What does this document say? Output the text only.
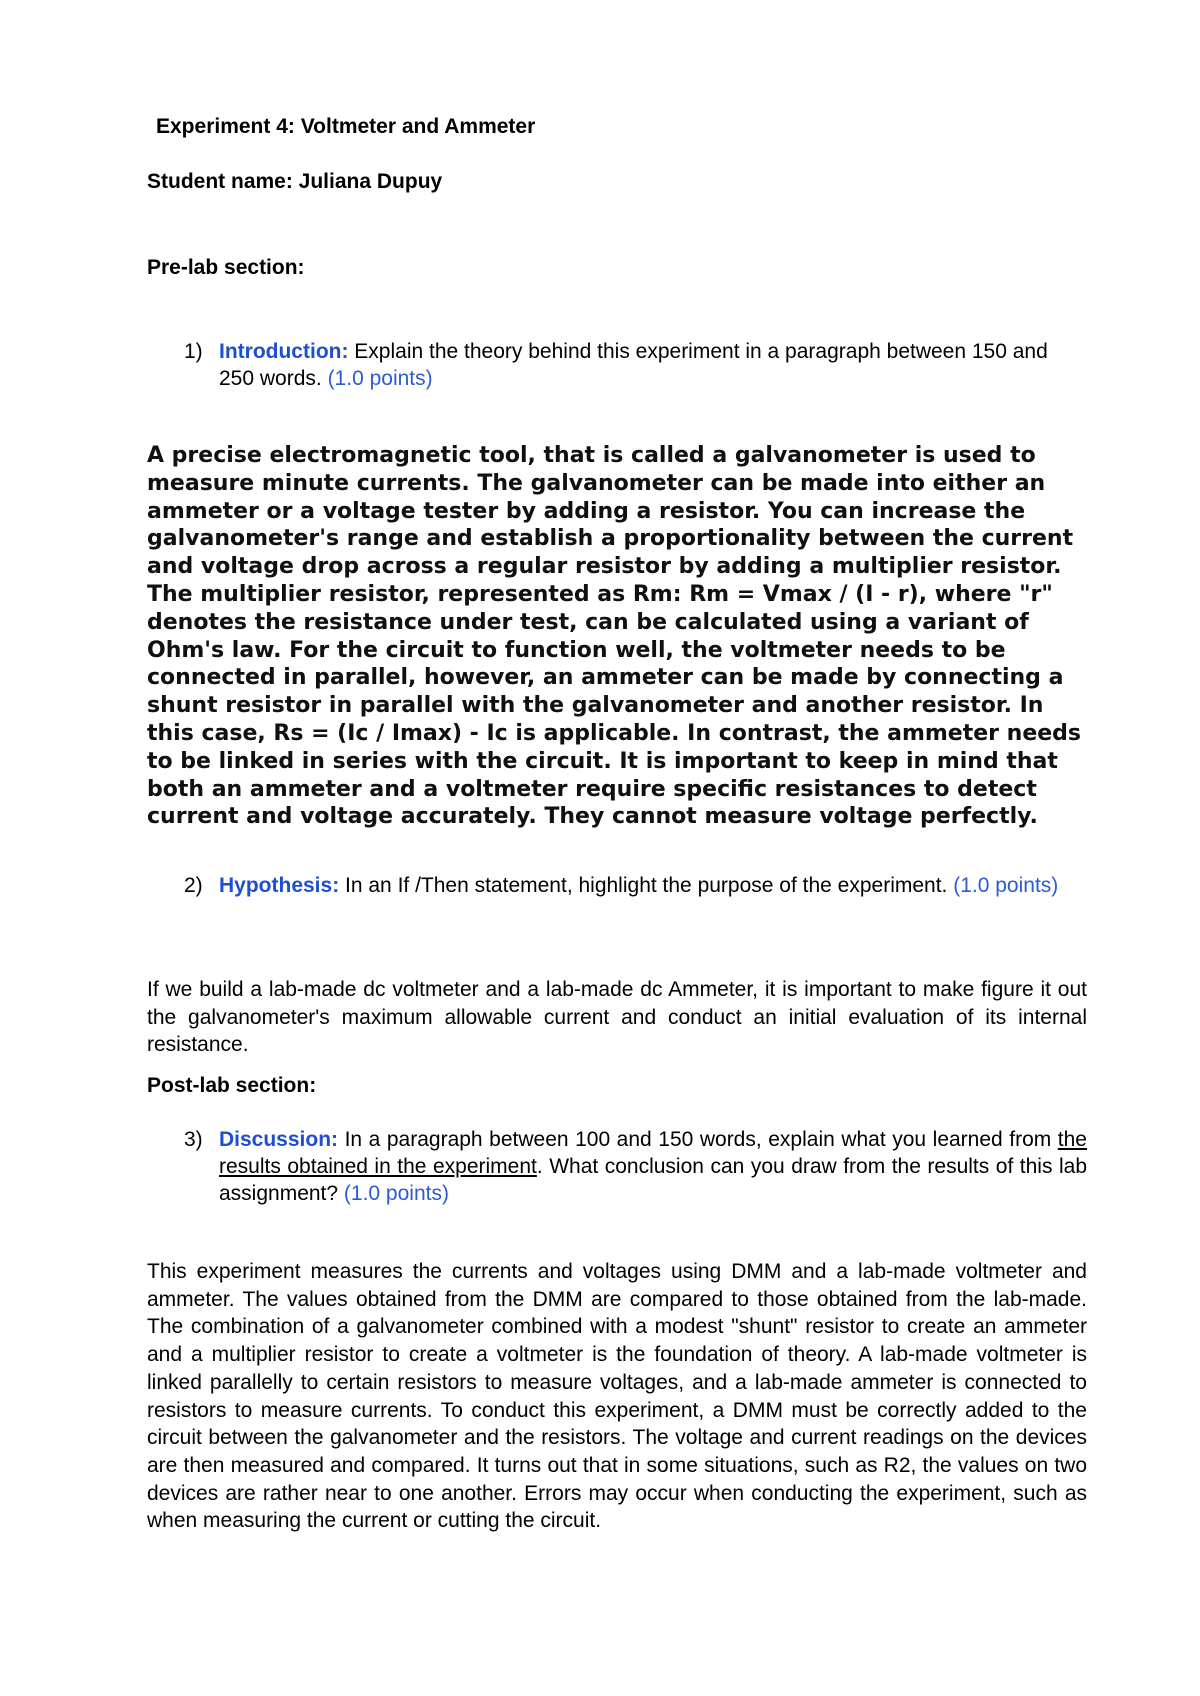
Experiment 4: Voltmeter and Ammeter

Student name: Juliana Dupuy

Pre-lab section:

1) Introduction: Explain the theory behind this experiment in a paragraph between 150 and 250 words. (1.0 points)

A precise electromagnetic tool, that is called a galvanometer is used to measure minute currents. The galvanometer can be made into either an ammeter or a voltage tester by adding a resistor. You can increase the galvanometer's range and establish a proportionality between the current and voltage drop across a regular resistor by adding a multiplier resistor. The multiplier resistor, represented as Rm: Rm = Vmax / (I - r), where "r" denotes the resistance under test, can be calculated using a variant of Ohm's law. For the circuit to function well, the voltmeter needs to be connected in parallel, however, an ammeter can be made by connecting a shunt resistor in parallel with the galvanometer and another resistor. In this case, Rs = (Ic / Imax) - Ic is applicable. In contrast, the ammeter needs to be linked in series with the circuit. It is important to keep in mind that both an ammeter and a voltmeter require specific resistances to detect current and voltage accurately. They cannot measure voltage perfectly.

2) Hypothesis: In an If /Then statement, highlight the purpose of the experiment. (1.0 points)

If we build a lab-made dc voltmeter and a lab-made dc Ammeter, it is important to make figure it out the galvanometer's maximum allowable current and conduct an initial evaluation of its internal resistance.

Post-lab section:

3) Discussion: In a paragraph between 100 and 150 words, explain what you learned from the results obtained in the experiment. What conclusion can you draw from the results of this lab assignment? (1.0 points)

This experiment measures the currents and voltages using DMM and a lab-made voltmeter and ammeter. The values obtained from the DMM are compared to those obtained from the lab-made. The combination of a galvanometer combined with a modest "shunt" resistor to create an ammeter and a multiplier resistor to create a voltmeter is the foundation of theory. A lab-made voltmeter is linked parallelly to certain resistors to measure voltages, and a lab-made ammeter is connected to resistors to measure currents. To conduct this experiment, a DMM must be correctly added to the circuit between the galvanometer and the resistors. The voltage and current readings on the devices are then measured and compared. It turns out that in some situations, such as R2, the values on two devices are rather near to one another. Errors may occur when conducting the experiment, such as when measuring the current or cutting the circuit.
